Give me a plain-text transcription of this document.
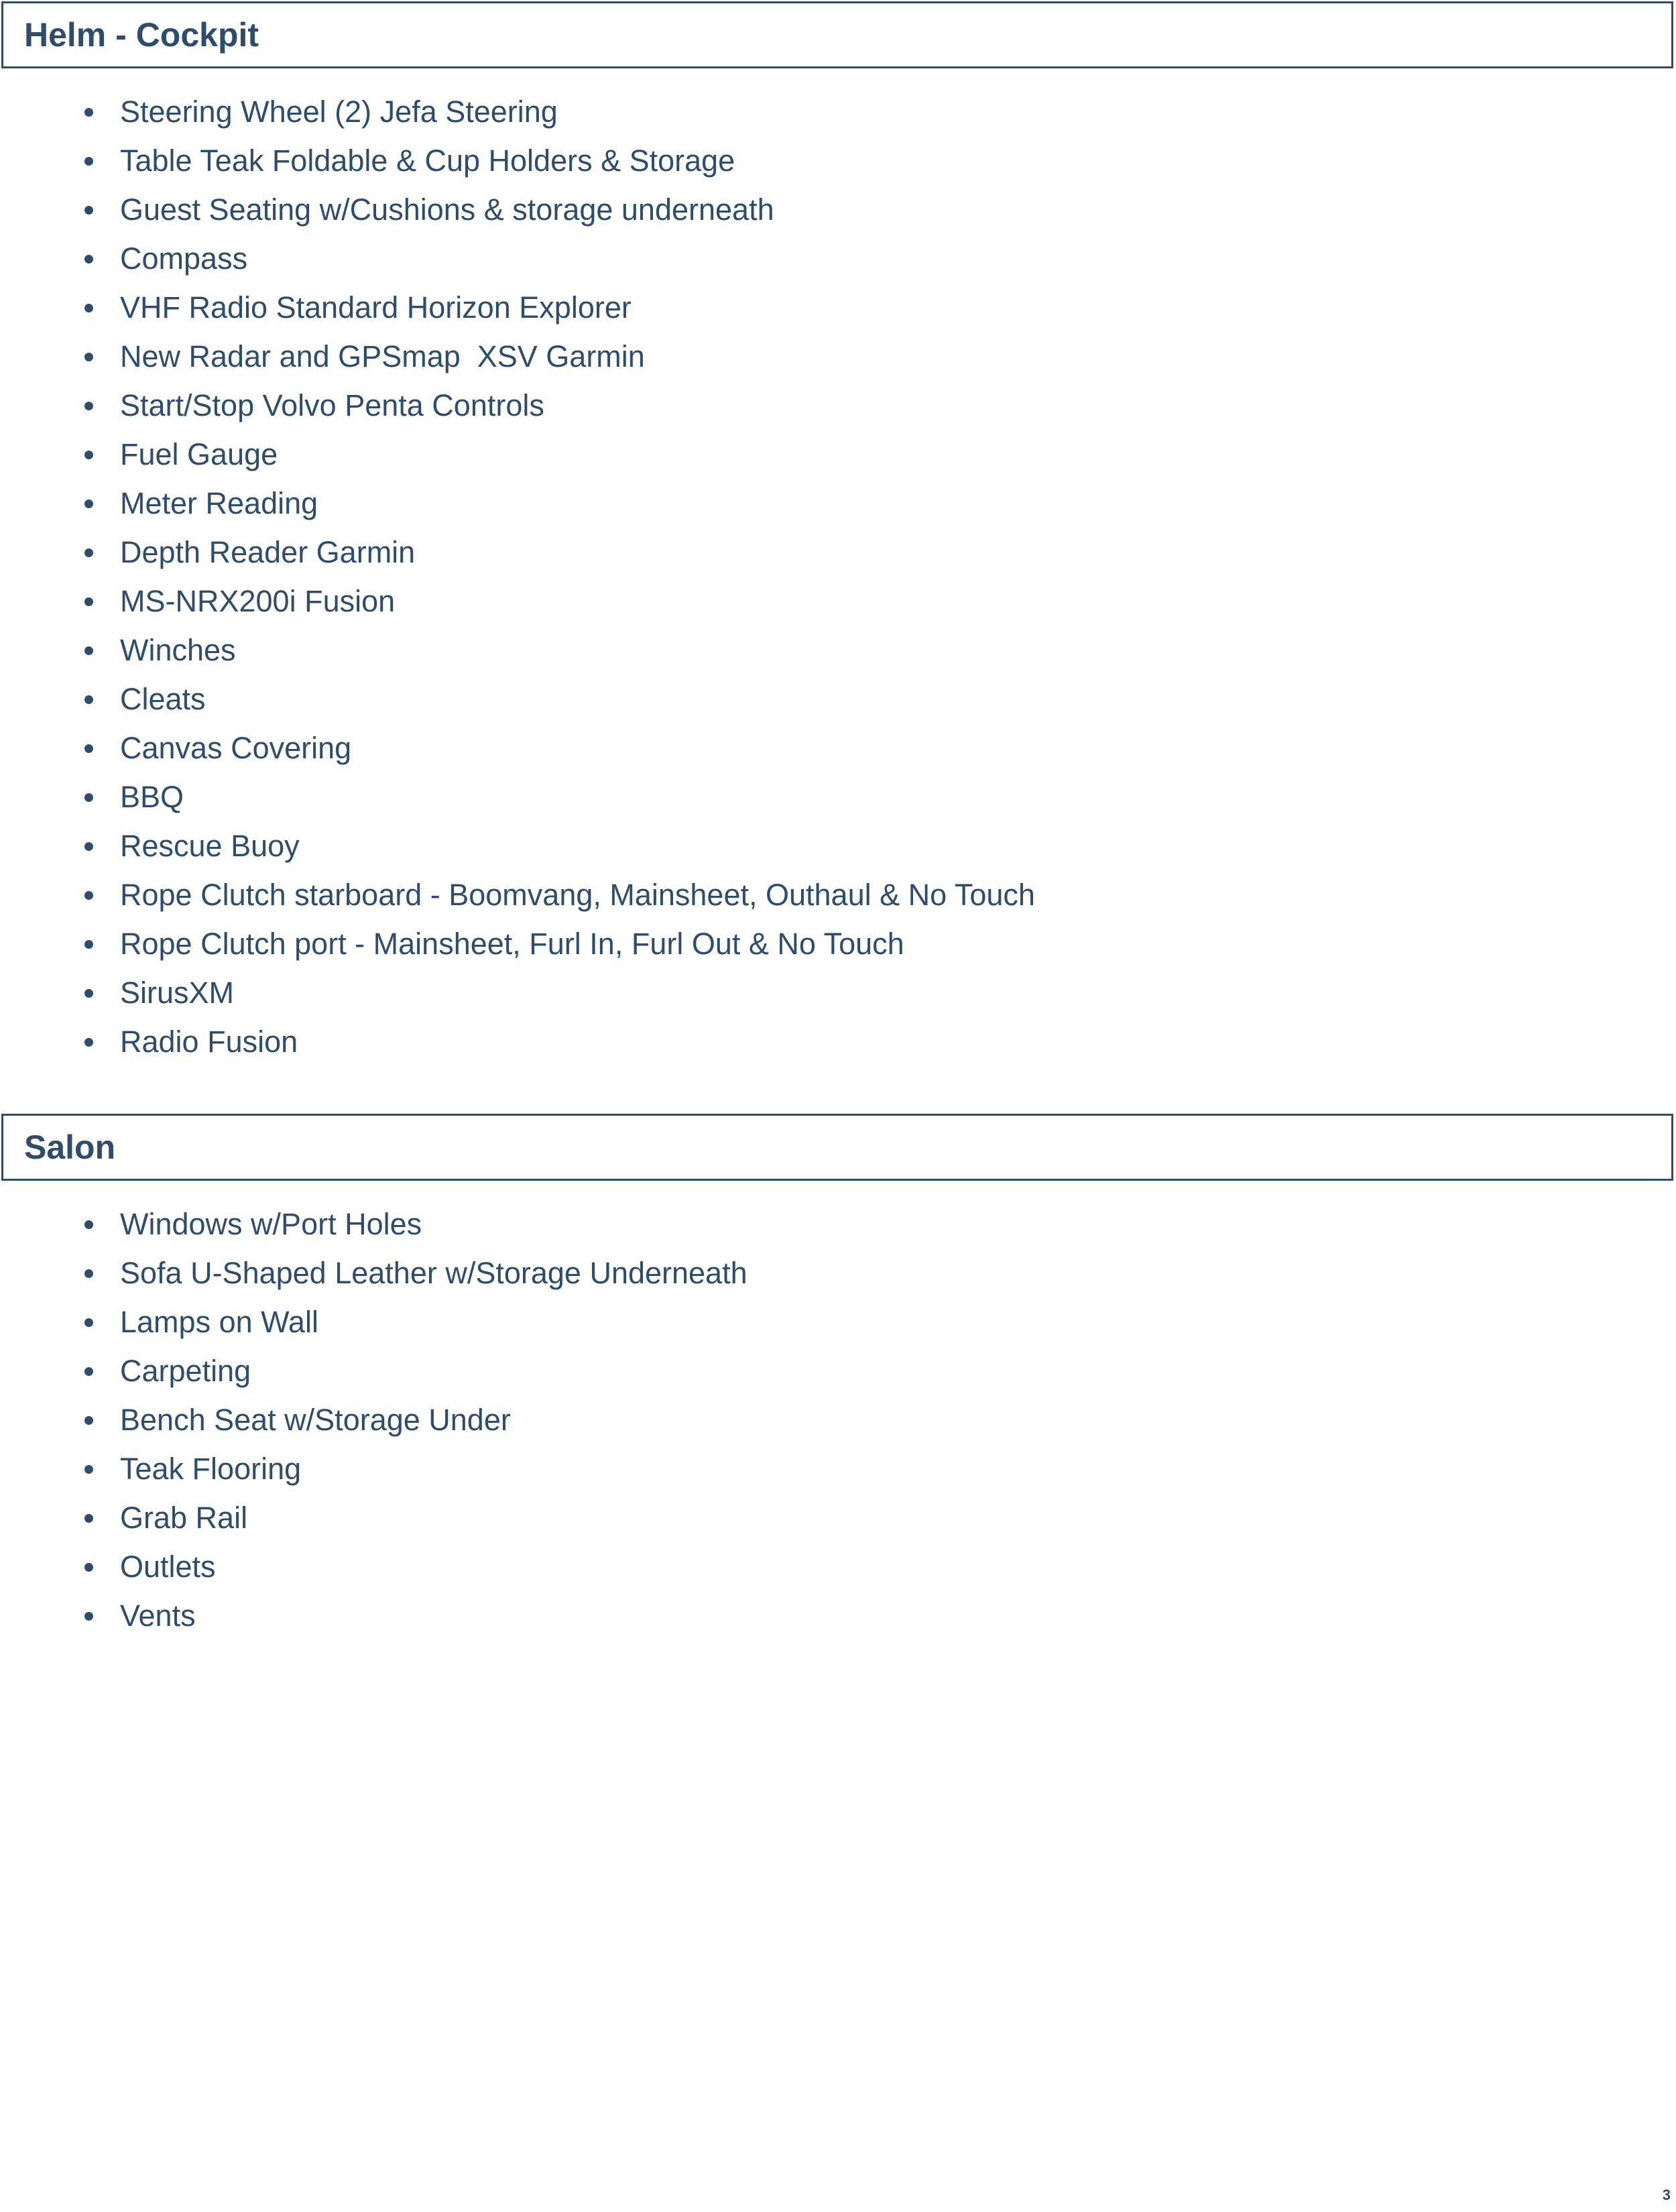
Helm - Cockpit
Steering Wheel (2) Jefa Steering
Table Teak Foldable & Cup Holders & Storage
Guest Seating w/Cushions & storage underneath
Compass
VHF Radio Standard Horizon Explorer
New Radar and GPSmap  XSV Garmin
Start/Stop Volvo Penta Controls
Fuel Gauge
Meter Reading
Depth Reader Garmin
MS-NRX200i Fusion
Winches
Cleats
Canvas Covering
BBQ
Rescue Buoy
Rope Clutch starboard - Boomvang, Mainsheet, Outhaul & No Touch
Rope Clutch port - Mainsheet, Furl In, Furl Out & No Touch
SirusXM
Radio Fusion
Salon
Windows w/Port Holes
Sofa U-Shaped Leather w/Storage Underneath
Lamps on Wall
Carpeting
Bench Seat w/Storage Under
Teak Flooring
Grab Rail
Outlets
Vents
3
